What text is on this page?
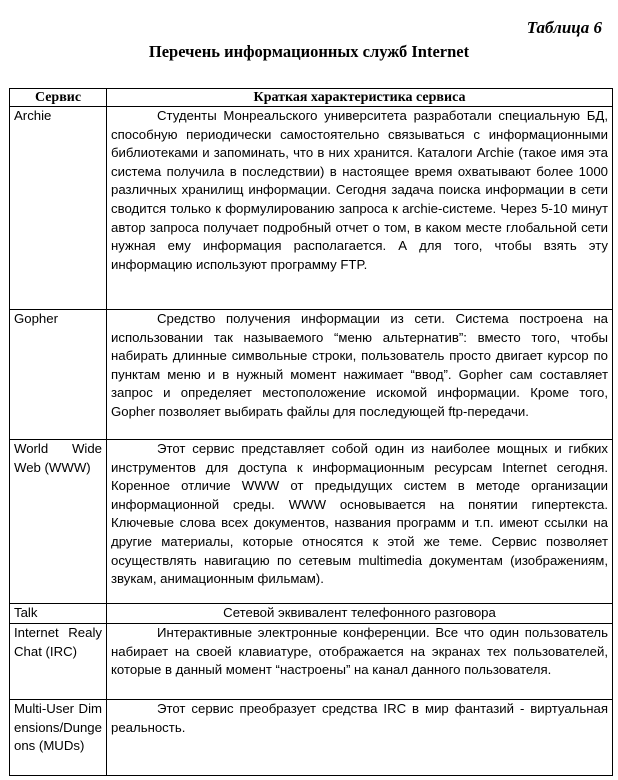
Таблица 6
Перечень информационных служб Internet
Сервис	Краткая характеристика сервиса
Archie	Студенты Монреальского университета разработали специальную БД, способную периодически самостоятельно связываться с информационными библиотеками и запоминать, что в них хранится. Каталоги Archie (такое имя эта система получила в последствии) в настоящее время охватывают более 1000 различных хранилищ информации. Сегодня задача поиска информации в сети сводится только к формулированию запроса к archie-системе. Через 5-10 минут автор запроса получает подробный отчет о том, в каком месте глобальной сети нужная ему информация располагается. А для того, чтобы взять эту информацию используют программу FTP.

Gopher	Средство получения информации из сети. Система построена на использовании так называемого “меню альтернатив”: вместо того, чтобы набирать длинные символьные строки, пользователь просто двигает курсор по пунктам меню и в нужный момент нажимает “ввод”. Gopher сам составляет запрос и определяет местоположение искомой информации. Кроме того, Gopher позволяет выбирать файлы для последующей ftp-передачи.

World Wide Web (WWW)	Этот сервис представляет собой один из наиболее мощных и гибких инструментов для доступа к информационным ресурсам Internet сегодня. Коренное отличие WWW от предыдущих систем в методе организации информационной среды. WWW основывается на понятии гипертекста. Ключевые слова всех документов, названия программ и т.п. имеют ссылки на другие материалы, которые относятся к этой же теме. Сервис позволяет осуществлять навигацию по сетевым multimedia документам (изображениям, звукам, анимационным фильмам).

Talk	Сетевой эквивалент телефонного разговора

Internet Realy Chat (IRC)	Интерактивные электронные конференции. Все что один пользователь набирает на своей клавиатуре, отображается на экранах тех пользователей, которые в данный момент “настроены” на канал данного пользователя.

Multi-User Dimensions/Dungeons (MUDs)	Этот сервис преобразует средства IRC в мир фантазий - виртуальная реальность.
